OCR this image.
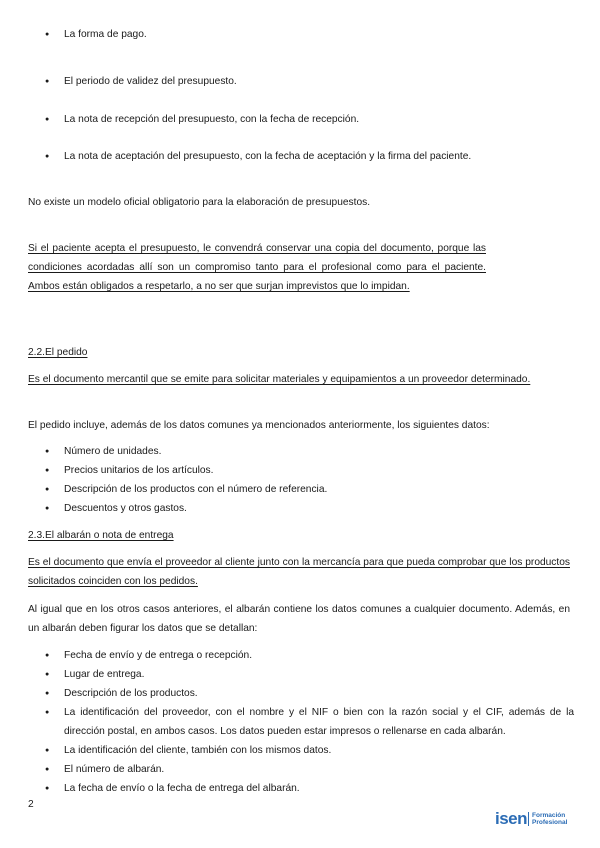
●
La forma de pago.
●
El periodo de validez del presupuesto.
●
La nota de recepción del presupuesto, con la fecha de recepción.
●
La nota de aceptación del presupuesto, con la fecha de aceptación y la firma del paciente.
No existe un modelo oficial obligatorio para la elaboración de presupuestos.
Si el paciente acepta el presupuesto, le convendrá conservar una copia del documento, porque las condiciones acordadas allí son un compromiso tanto para el profesional como para el paciente. Ambos están obligados a respetarlo, a no ser que surjan imprevistos que lo impidan.
2.2.El pedido
Es el documento mercantil que se emite para solicitar materiales y equipamientos a un proveedor determinado.
El pedido incluye, además de los datos comunes ya mencionados anteriormente, los siguientes datos:
●
Número de unidades.
●
Precios unitarios de los artículos.
●
Descripción de los productos con el número de referencia.
●
Descuentos y otros gastos.
2.3.El albarán o nota de entrega
Es el documento que envía el proveedor al cliente junto con la mercancía para que pueda comprobar que los productos solicitados coinciden con los pedidos.
Al igual que en los otros casos anteriores, el albarán contiene los datos comunes a cualquier documento. Además, en un albarán deben figurar los datos que se detallan:
●
Fecha de envío y de entrega o recepción.
●
Lugar de entrega.
●
Descripción de los productos.
●
La identificación del proveedor, con el nombre y el NIF o bien con la razón social y el CIF, además de la dirección postal, en ambos casos. Los datos pueden estar impresos o rellenarse en cada albarán.
●
La identificación del cliente, también con los mismos datos.
●
El número de albarán.
●
La fecha de envío o la fecha de entrega del albarán.
2
isen Formación
Profesional
